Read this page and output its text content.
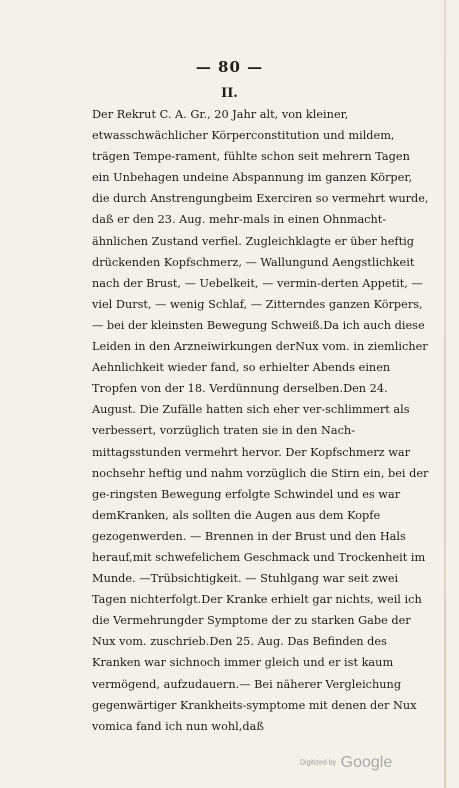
— 80 —
II.
Der Rekrut C. A. Gr., 20 Jahr alt, von kleiner, etwasschwächlicher Körperconstitution und mildem, trägen Tempe-rament, fühlte schon seit mehrern Tagen ein Unbehagen undeine Abspannung im ganzen Körper, die durch Anstrengungbeim Exerciren so vermehrt wurde, daß er den 23. Aug. mehr-mals in einen Ohnmacht-ähnlichen Zustand verfiel. Zugleichklagte er über heftig drückenden Kopfschmerz, — Wallungund Aengstlichkeit nach der Brust, — Uebelkeit, — vermin-derten Appetit, — viel Durst, — wenig Schlaf, — Zitterndes ganzen Körpers, — bei der kleinsten Bewegung Schweiß.Da ich auch diese Leiden in den Arzneiwirkungen derNux vom. in ziemlicher Aehnlichkeit wieder fand, so erhielter Abends einen Tropfen von der 18. Verdünnung derselben.Den 24. August. Die Zufälle hatten sich eher ver-schlimmert als verbessert, vorzüglich traten sie in den Nach-mittagsstunden vermehrt hervor. Der Kopfschmerz war nochsehr heftig und nahm vorzüglich die Stirn ein, bei der ge-ringsten Bewegung erfolgte Schwindel und es war demKranken, als sollten die Augen aus dem Kopfe gezogenwerden. — Brennen in der Brust und den Hals herauf,mit schwefelichem Geschmack und Trockenheit im Munde. —Trübsichtigkeit. — Stuhlgang war seit zwei Tagen nichterfolgt.Der Kranke erhielt gar nichts, weil ich die Vermehrungder Symptome der zu starken Gabe der Nux vom. zuschrieb.Den 25. Aug. Das Befinden des Kranken war sichnoch immer gleich und er ist kaum vermögend, aufzudauern.— Bei näherer Vergleichung gegenwärtiger Krankheits-symptome mit denen der Nux vomica fand ich nun wohl,daß
Digitized by Google
